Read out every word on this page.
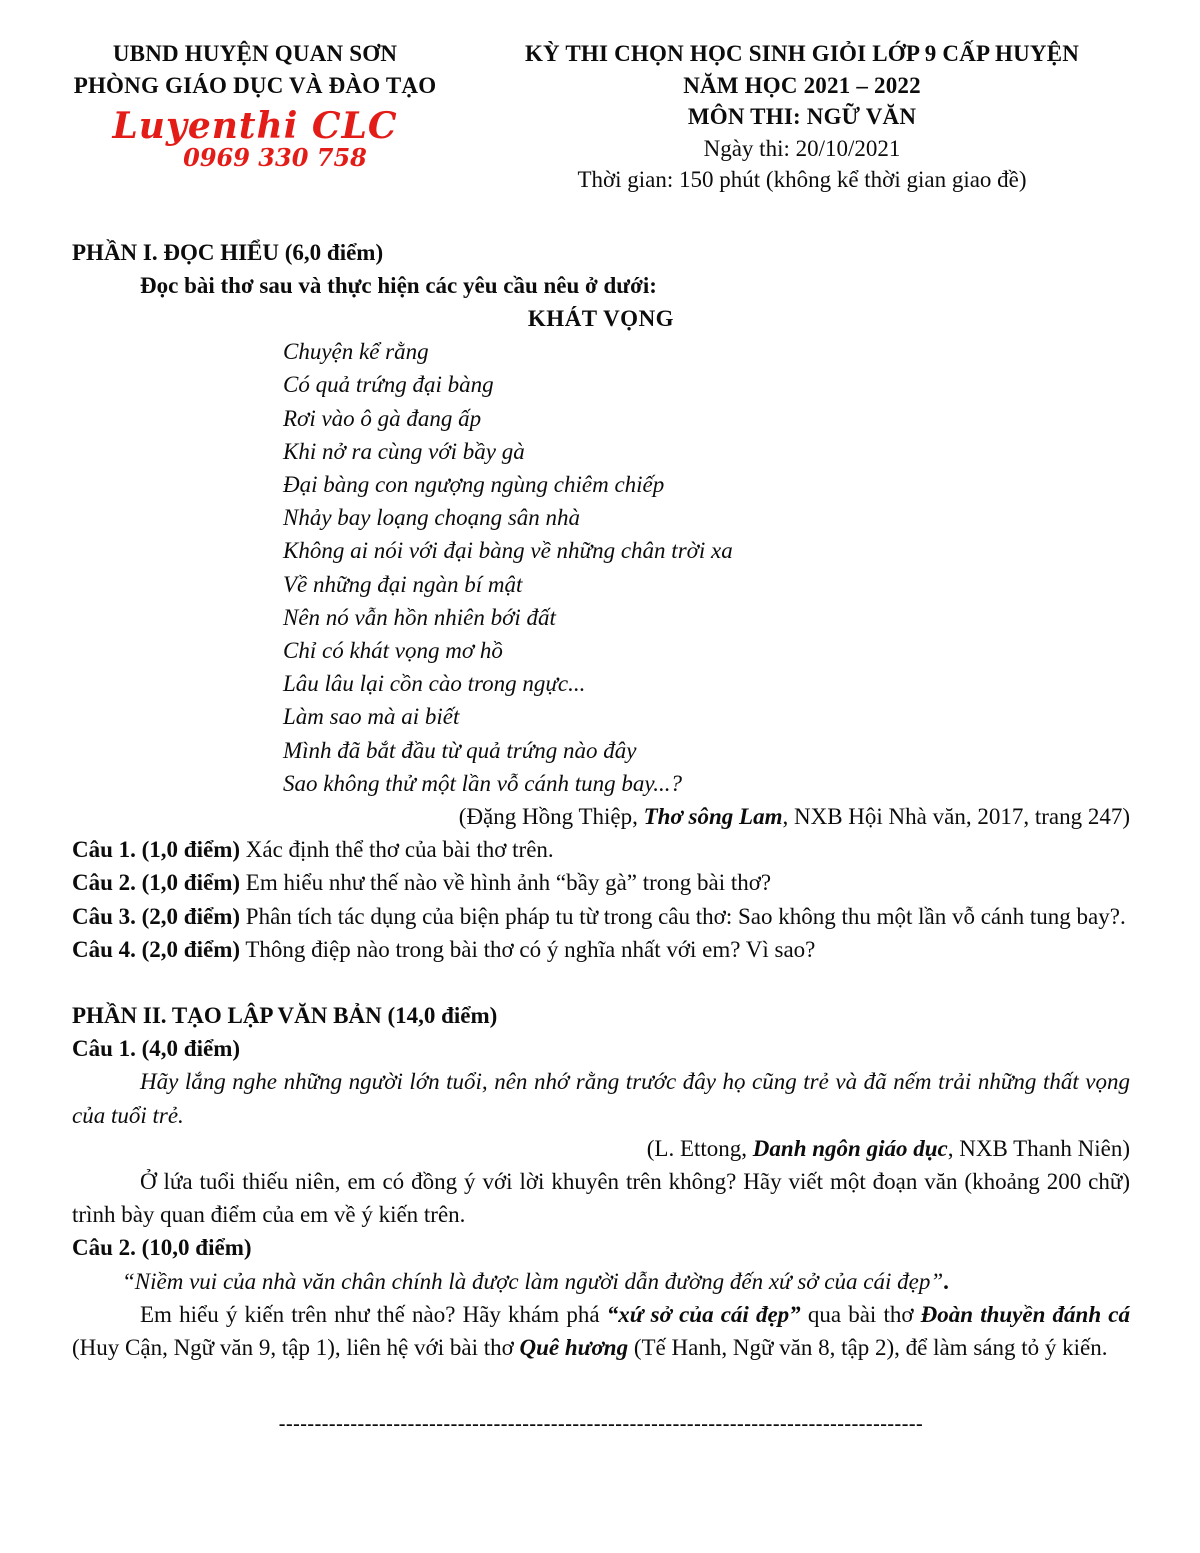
UBND HUYỆN QUAN SƠN
PHÒNG GIÁO DỤC VÀ ĐÀO TẠO
Luyenthi CLC
0969 330 758
KỲ THI CHỌN HỌC SINH GIỎI LỚP 9 CẤP HUYỆN
NĂM HỌC 2021 – 2022
MÔN THI: NGỮ VĂN
Ngày thi: 20/10/2021
Thời gian: 150 phút (không kể thời gian giao đề)

PHẦN I. ĐỌC HIỂU (6,0 điểm)

Đọc bài thơ sau và thực hiện các yêu cầu nêu ở dưới:

KHÁT VỌNG

Chuyện kể rằng
Có quả trứng đại bàng
Rơi vào ô gà đang ấp
Khi nở ra cùng với bầy gà
Đại bàng con ngượng ngùng chiêm chiếp
Nhảy bay loạng choạng sân nhà
Không ai nói với đại bàng về những chân trời xa
Về những đại ngàn bí mật
Nên nó vẫn hồn nhiên bới đất
Chỉ có khát vọng mơ hồ
Lâu lâu lại cồn cào trong ngực...
Làm sao mà ai biết
Mình đã bắt đầu từ quả trứng nào đây
Sao không thử một lần vỗ cánh tung bay...?

(Đặng Hồng Thiệp, Thơ sông Lam, NXB Hội Nhà văn, 2017, trang 247)

Câu 1. (1,0 điểm) Xác định thể thơ của bài thơ trên.

Câu 2. (1,0 điểm) Em hiểu như thế nào về hình ảnh “bầy gà” trong bài thơ?

Câu 3. (2,0 điểm) Phân tích tác dụng của biện pháp tu từ trong câu thơ: Sao không thu một lần vỗ cánh tung bay?.

Câu 4. (2,0 điểm) Thông điệp nào trong bài thơ có ý nghĩa nhất với em? Vì sao?

PHẦN II. TẠO LẬP VĂN BẢN (14,0 điểm)

Câu 1. (4,0 điểm)

Hãy lắng nghe những người lớn tuổi, nên nhớ rằng trước đây họ cũng trẻ và đã nếm trải những thất vọng của tuổi trẻ.

(L. Ettong, Danh ngôn giáo dục, NXB Thanh Niên)

Ở lứa tuổi thiếu niên, em có đồng ý với lời khuyên trên không? Hãy viết một đoạn văn (khoảng 200 chữ) trình bày quan điểm của em về ý kiến trên.

Câu 2. (10,0 điểm)

“Niềm vui của nhà văn chân chính là được làm người dẫn đường đến xứ sở của cái đẹp”.

Em hiểu ý kiến trên như thế nào? Hãy khám phá “xứ sở của cái đẹp” qua bài thơ Đoàn thuyền đánh cá (Huy Cận, Ngữ văn 9, tập 1), liên hệ với bài thơ Quê hương (Tế Hanh, Ngữ văn 8, tập 2), để làm sáng tỏ ý kiến.

------------------------------------------------------------------------------------------
